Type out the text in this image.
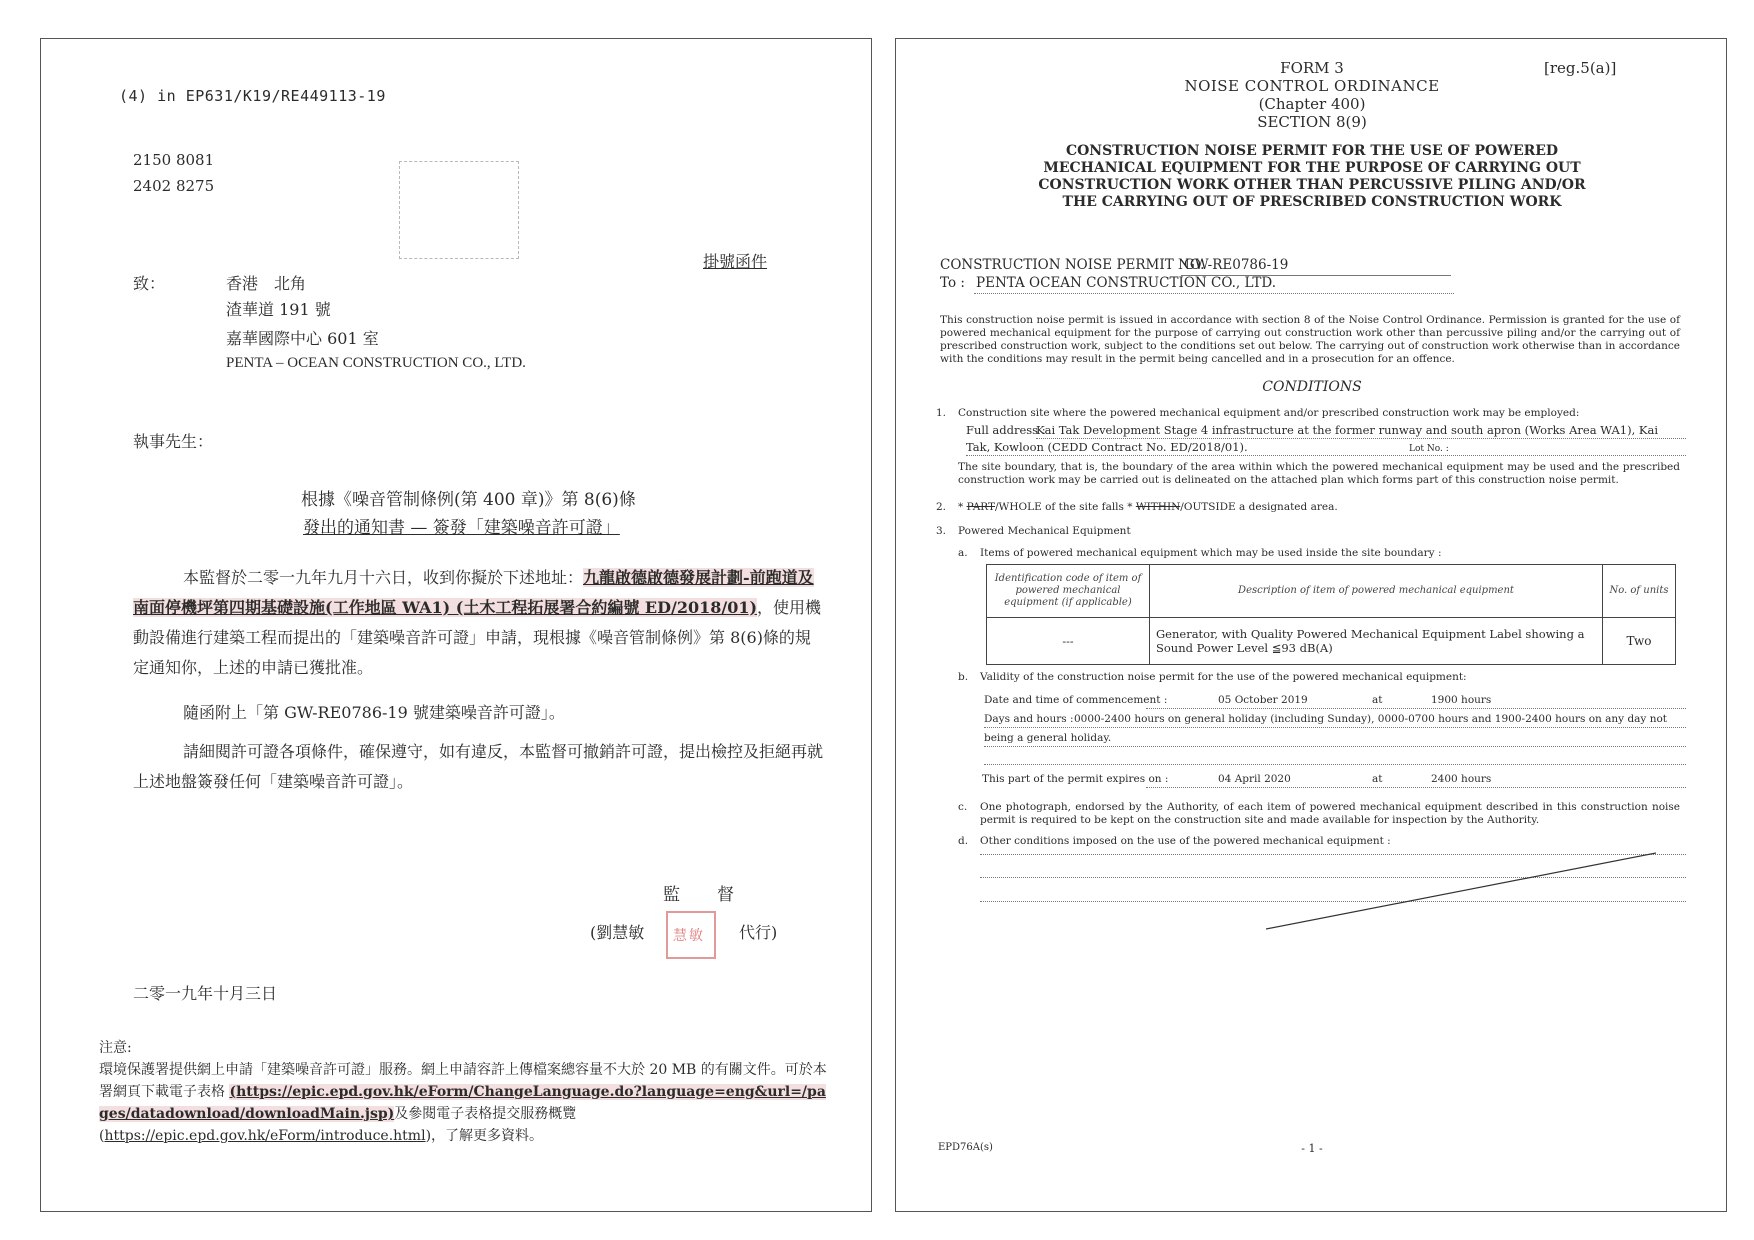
(4) in EP631/K19/RE449113-19
2150 8081
2402 8275
掛號函件
致：	香港　北角
渣華道 191 號
嘉華國際中心 601 室
PENTA – OCEAN CONSTRUCTION CO., LTD.
執事先生：
根據《噪音管制條例(第 400 章)》第 8(6)條
發出的通知書 — 簽發「建築噪音許可證」
本監督於二零一九年九月十六日，收到你擬於下述地址：九龍啟德啟德發展計劃-前跑道及南面停機坪第四期基礎設施(工作地區 WA1) (土木工程拓展署合約編號 ED/2018/01)，使用機動設備進行建築工程而提出的「建築噪音許可證」申請，現根據《噪音管制條例》第 8(6)條的規定通知你，上述的申請已獲批准。
隨函附上「第 GW-RE0786-19 號建築噪音許可證」。
請細閱許可證各項條件，確保遵守，如有違反，本監督可撤銷許可證，提出檢控及拒絕再就上述地盤簽發任何「建築噪音許可證」。
監　督
(劉慧敏 慧敏 代行)
二零一九年十月三日
注意:
環境保護署提供網上申請「建築噪音許可證」服務。網上申請容許上傳檔案總容量不大於 20 MB 的有關文件。可於本署網頁下載電子表格 (https://epic.epd.gov.hk/eForm/ChangeLanguage.do?language=eng&url=/pages/datadownload/downloadMain.jsp)及參閱電子表格提交服務概覽(https://epic.epd.gov.hk/eForm/introduce.html)，了解更多資料。
FORM 3	[reg.5(a)]
NOISE CONTROL ORDINANCE
(Chapter 400)
SECTION 8(9)
CONSTRUCTION NOISE PERMIT FOR THE USE OF POWERED
MECHANICAL EQUIPMENT FOR THE PURPOSE OF CARRYING OUT
CONSTRUCTION WORK OTHER THAN PERCUSSIVE PILING AND/OR
THE CARRYING OUT OF PRESCRIBED CONSTRUCTION WORK
CONSTRUCTION NOISE PERMIT NO.
GW-RE0786-19
To : PENTA OCEAN CONSTRUCTION CO., LTD.
This construction noise permit is issued in accordance with section 8 of the Noise Control Ordinance. Permission is granted for the use of powered mechanical equipment for the purpose of carrying out construction work other than percussive piling and/or the carrying out of prescribed construction work, subject to the conditions set out below. The carrying out of construction work otherwise than in accordance with the conditions may result in the permit being cancelled and in a prosecution for an offence.
CONDITIONS
1. Construction site where the powered mechanical equipment and/or prescribed construction work may be employed:
Full address :
Kai Tak Development Stage 4 infrastructure at the former runway and south apron (Works Area WA1), Kai
Tak, Kowloon (CEDD Contract No. ED/2018/01).	Lot No. :
The site boundary, that is, the boundary of the area within which the powered mechanical equipment may be used and the prescribed construction work may be carried out is delineated on the attached plan which forms part of this construction noise permit.
2. * PART/WHOLE of the site falls * WITHIN/OUTSIDE a designated area.
3. Powered Mechanical Equipment
a. Items of powered mechanical equipment which may be used inside the site boundary :
Identification code of item of powered mechanical equipment (if applicable)	Description of item of powered mechanical equipment	No. of units
---	Generator, with Quality Powered Mechanical Equipment Label showing a Sound Power Level ≦93 dB(A)	Two
b. Validity of the construction noise permit for the use of the powered mechanical equipment:
Date and time of commencement :	05 October 2019	at	1900 hours
Days and hours : 0000-2400 hours on general holiday (including Sunday), 0000-0700 hours and 1900-2400 hours on any day not
being a general holiday.
This part of the permit expires on :	04 April 2020	at	2400 hours
c. One photograph, endorsed by the Authority, of each item of powered mechanical equipment described in this construction noise permit is required to be kept on the construction site and made available for inspection by the Authority.
d. Other conditions imposed on the use of the powered mechanical equipment :
EPD76A(s)	- 1 -
